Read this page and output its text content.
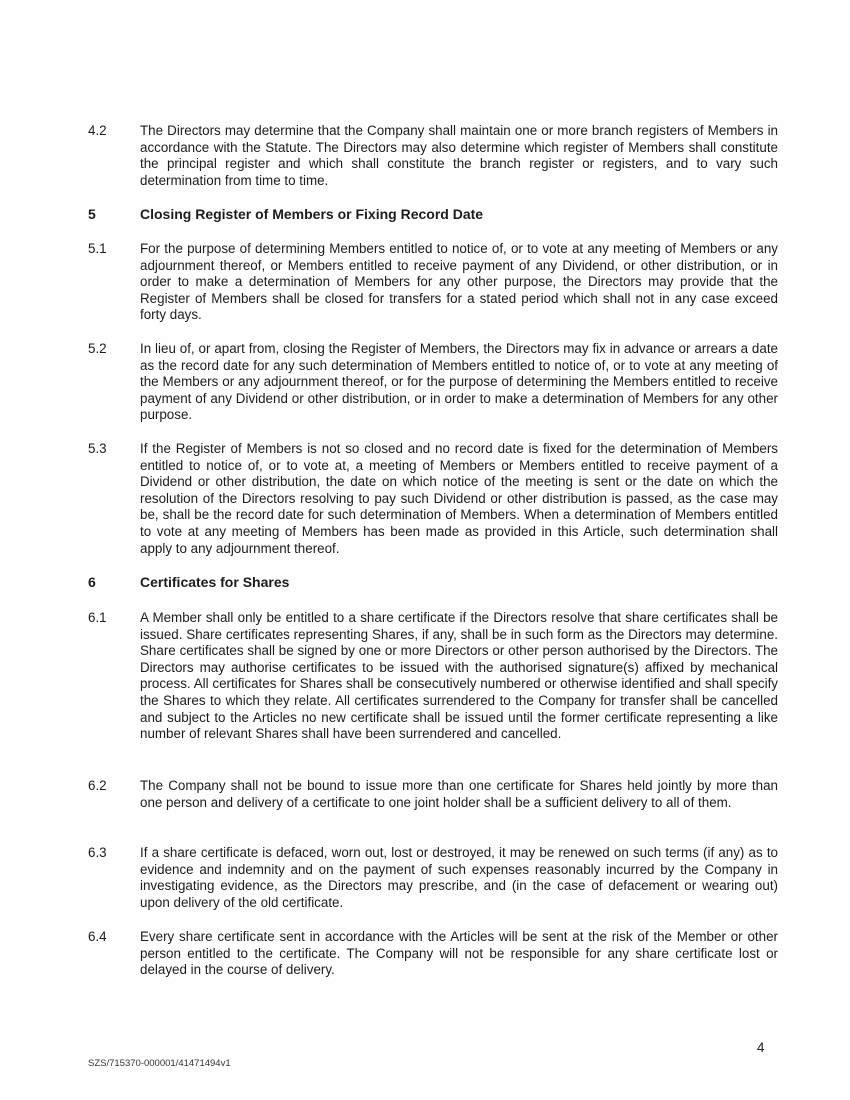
4.2 The Directors may determine that the Company shall maintain one or more branch registers of Members in accordance with the Statute. The Directors may also determine which register of Members shall constitute the principal register and which shall constitute the branch register or registers, and to vary such determination from time to time.
5	Closing Register of Members or Fixing Record Date
5.1 For the purpose of determining Members entitled to notice of, or to vote at any meeting of Members or any adjournment thereof, or Members entitled to receive payment of any Dividend, or other distribution, or in order to make a determination of Members for any other purpose, the Directors may provide that the Register of Members shall be closed for transfers for a stated period which shall not in any case exceed forty days.
5.2 In lieu of, or apart from, closing the Register of Members, the Directors may fix in advance or arrears a date as the record date for any such determination of Members entitled to notice of, or to vote at any meeting of the Members or any adjournment thereof, or for the purpose of determining the Members entitled to receive payment of any Dividend or other distribution, or in order to make a determination of Members for any other purpose.
5.3 If the Register of Members is not so closed and no record date is fixed for the determination of Members entitled to notice of, or to vote at, a meeting of Members or Members entitled to receive payment of a Dividend or other distribution, the date on which notice of the meeting is sent or the date on which the resolution of the Directors resolving to pay such Dividend or other distribution is passed, as the case may be, shall be the record date for such determination of Members. When a determination of Members entitled to vote at any meeting of Members has been made as provided in this Article, such determination shall apply to any adjournment thereof.
6	Certificates for Shares
6.1 A Member shall only be entitled to a share certificate if the Directors resolve that share certificates shall be issued. Share certificates representing Shares, if any, shall be in such form as the Directors may determine. Share certificates shall be signed by one or more Directors or other person authorised by the Directors. The Directors may authorise certificates to be issued with the authorised signature(s) affixed by mechanical process. All certificates for Shares shall be consecutively numbered or otherwise identified and shall specify the Shares to which they relate. All certificates surrendered to the Company for transfer shall be cancelled and subject to the Articles no new certificate shall be issued until the former certificate representing a like number of relevant Shares shall have been surrendered and cancelled.
6.2 The Company shall not be bound to issue more than one certificate for Shares held jointly by more than one person and delivery of a certificate to one joint holder shall be a sufficient delivery to all of them.
6.3 If a share certificate is defaced, worn out, lost or destroyed, it may be renewed on such terms (if any) as to evidence and indemnity and on the payment of such expenses reasonably incurred by the Company in investigating evidence, as the Directors may prescribe, and (in the case of defacement or wearing out) upon delivery of the old certificate.
6.4 Every share certificate sent in accordance with the Articles will be sent at the risk of the Member or other person entitled to the certificate. The Company will not be responsible for any share certificate lost or delayed in the course of delivery.
4
SZS/715370-000001/41471494v1
